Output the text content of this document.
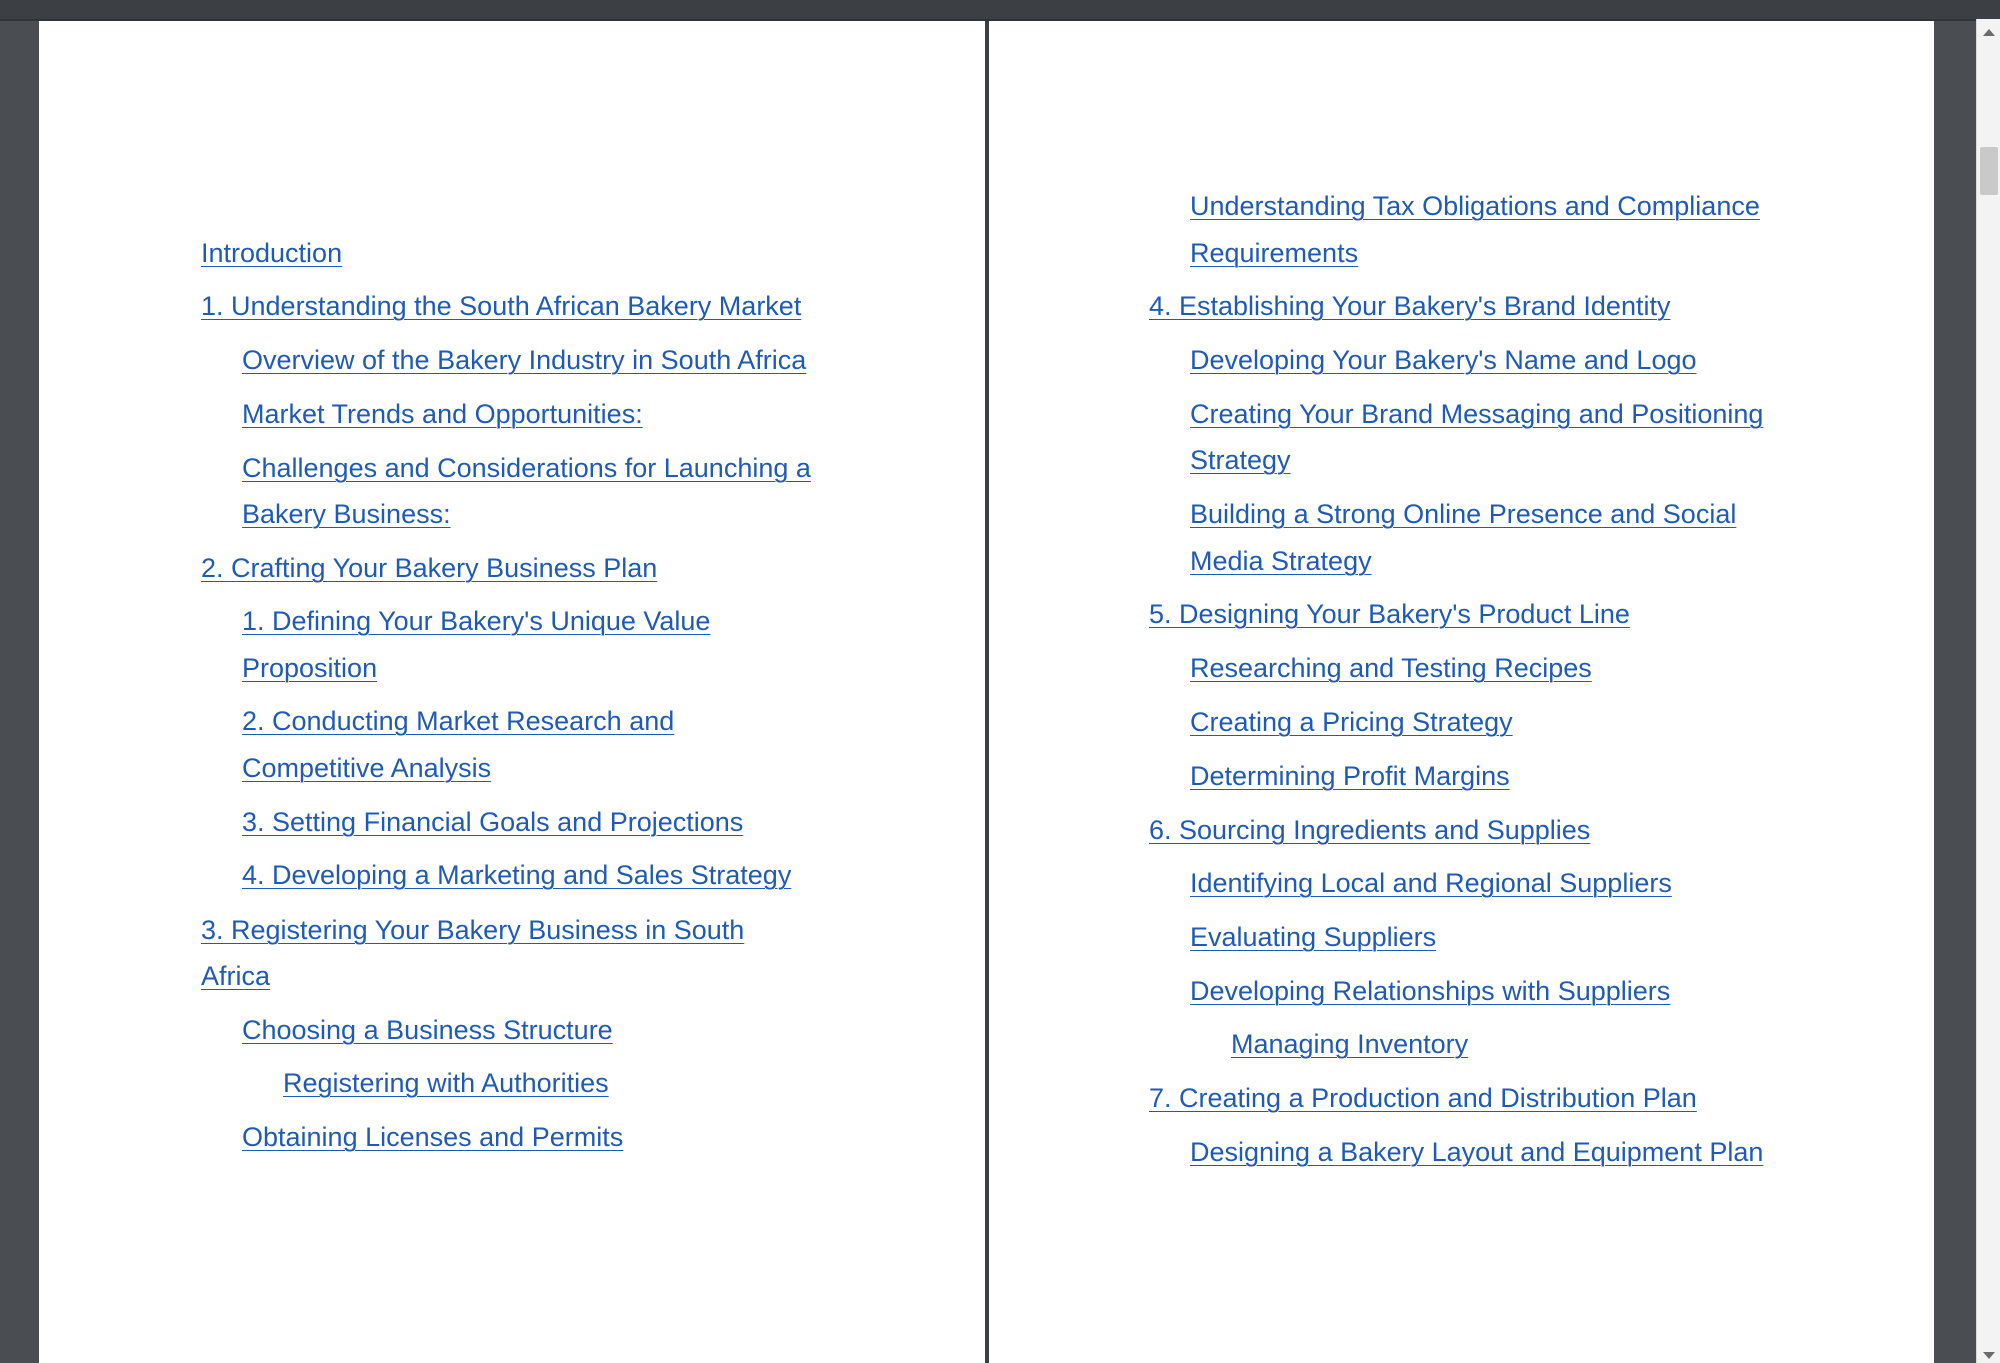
Introduction
1. Understanding the South African Bakery Market
Overview of the Bakery Industry in South Africa
Market Trends and Opportunities:
Challenges and Considerations for Launching a
Bakery Business:
2. Crafting Your Bakery Business Plan
1. Defining Your Bakery's Unique Value
Proposition
2. Conducting Market Research and
Competitive Analysis
3. Setting Financial Goals and Projections
4. Developing a Marketing and Sales Strategy
3. Registering Your Bakery Business in South
Africa
Choosing a Business Structure
Registering with Authorities
Obtaining Licenses and Permits
Understanding Tax Obligations and Compliance
Requirements
4. Establishing Your Bakery's Brand Identity
Developing Your Bakery's Name and Logo
Creating Your Brand Messaging and Positioning
Strategy
Building a Strong Online Presence and Social
Media Strategy
5. Designing Your Bakery's Product Line
Researching and Testing Recipes
Creating a Pricing Strategy
Determining Profit Margins
6. Sourcing Ingredients and Supplies
Identifying Local and Regional Suppliers
Evaluating Suppliers
Developing Relationships with Suppliers
Managing Inventory
7. Creating a Production and Distribution Plan
Designing a Bakery Layout and Equipment Plan
